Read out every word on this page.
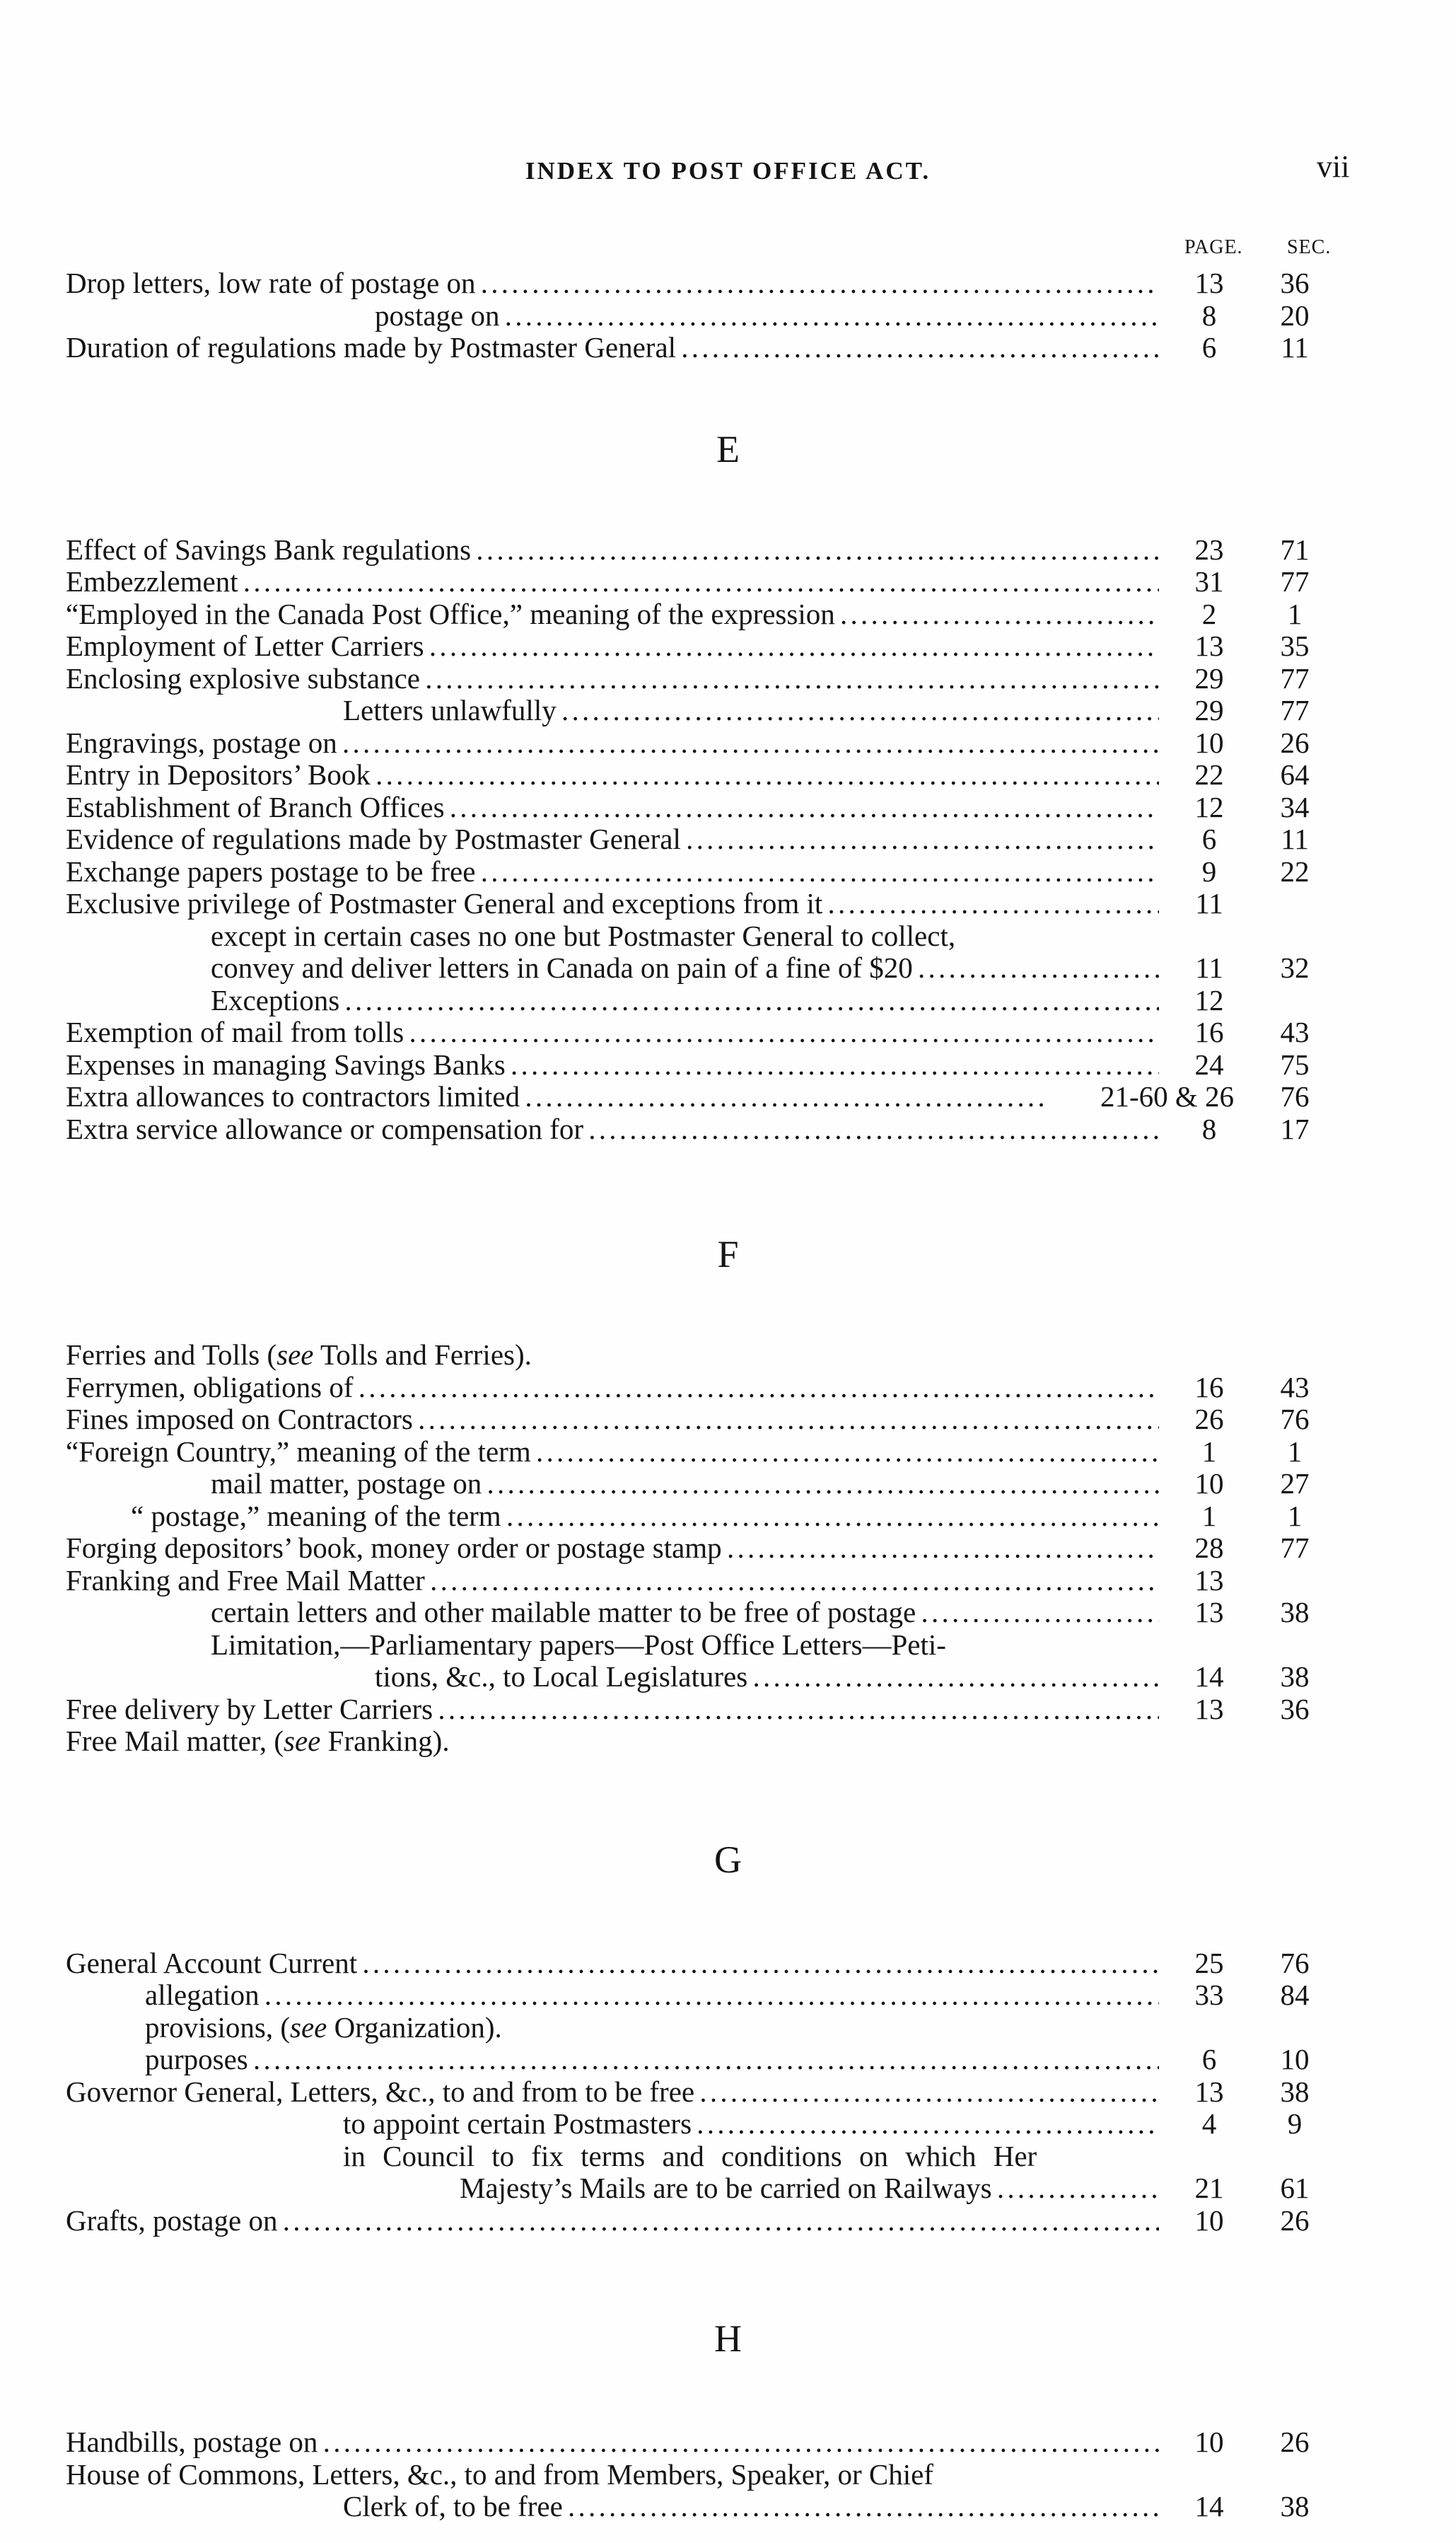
INDEX TO POST OFFICE ACT.	vii
PAGE. SEC.
Drop letters, low rate of postage on . . .	13	36
postage on . . .	8	20
Duration of regulations made by Postmaster General . . .	6	11
E
Effect of Savings Bank regulations . . .	23	71
Embezzlement . . .	31	77
“Employed in the Canada Post Office,” meaning of the expression . . .	2	1
Employment of Letter Carriers . . .	13	35
Enclosing explosive substance . . .	29	77
Letters unlawfully . . .	29	77
Engravings, postage on . . .	10	26
Entry in Depositors’ Book . . .	22	64
Establishment of Branch Offices . . .	12	34
Evidence of regulations made by Postmaster General . . .	6	11
Exchange papers postage to be free . . .	9	22
Exclusive privilege of Postmaster General and exceptions from it . . .	11
except in certain cases no one but Postmaster General to collect,
convey and deliver letters in Canada on pain of a fine of $20 . . .	11	32
Exceptions . . .	12
Exemption of mail from tolls . . .	16	43
Expenses in managing Savings Banks . . .	24	75
Extra allowances to contractors limited . . .	21-60 & 26	76
Extra service allowance or compensation for . . .	8	17
F
Ferries and Tolls (see Tolls and Ferries).
Ferrymen, obligations of . . .	16	43
Fines imposed on Contractors . . .	26	76
“Foreign Country,” meaning of the term . . .	1	1
mail matter, postage on . . .	10	27
“ postage,” meaning of the term . . .	1	1
Forging depositors’ book, money order or postage stamp . . .	28	77
Franking and Free Mail Matter . . .	13
certain letters and other mailable matter to be free of postage . . .	13	38
Limitation,—Parliamentary papers—Post Office Letters—Peti-
tions, &c., to Local Legislatures . . .	14	38
Free delivery by Letter Carriers . . .	13	36
Free Mail matter, (see Franking).
G
General Account Current . . .	25	76
allegation . . .	33	84
provisions, (see Organization).
purposes . . .	6	10
Governor General, Letters, &c., to and from to be free . . .	13	38
to appoint certain Postmasters . . .	4	9
in Council to fix terms and conditions on which Her
Majesty’s Mails are to be carried on Railways . . .	21	61
Grafts, postage on . . .	10	26
H
Handbills, postage on . . .	10	26
House of Commons, Letters, &c., to and from Members, Speaker, or Chief
Clerk of, to be free . . .	14	38
